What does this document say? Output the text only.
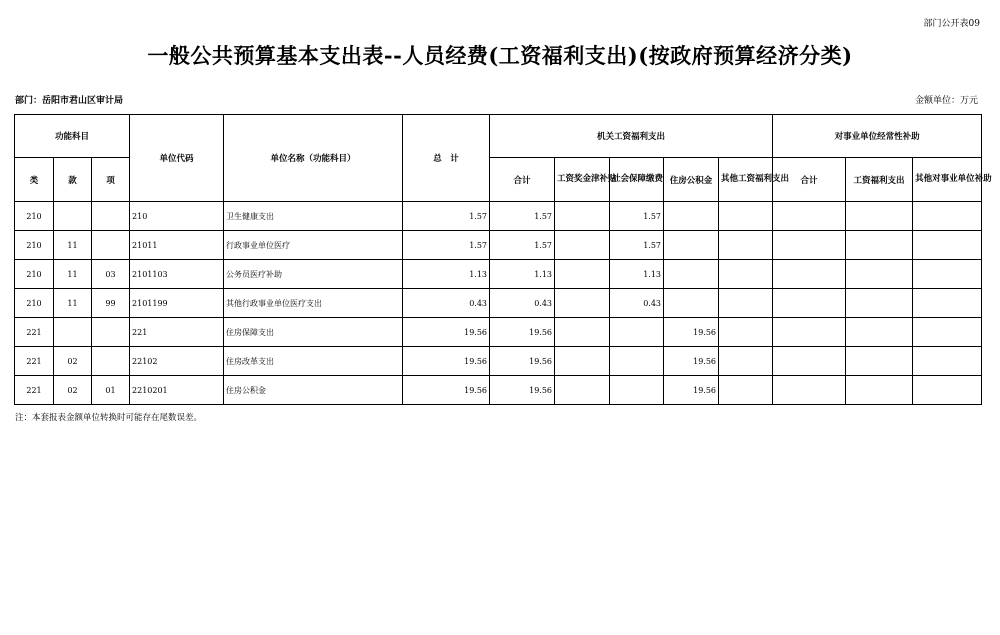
部门公开表09
一般公共预算基本支出表--人员经费(工资福利支出)(按政府预算经济分类)
部门：岳阳市君山区审计局	金额单位：万元
功能科目			单位代码	单位名称（功能科目）	总　计	机关工资福利支出					对事业单位经常性补助		
类	款	项				合计	工资奖金津补贴	社会保障缴费	住房公积金	其他工资福利支出	合计	工资福利支出	其他对事业单位补助
210			210	卫生健康支出	1.57	1.57		1.57					
210	11		21011	行政事业单位医疗	1.57	1.57		1.57					
210	11	03	2101103	公务员医疗补助	1.13	1.13		1.13					
210	11	99	2101199	其他行政事业单位医疗支出	0.43	0.43		0.43					
221			221	住房保障支出	19.56	19.56			19.56				
221	02		22102	住房改革支出	19.56	19.56			19.56				
221	02	01	2210201	住房公积金	19.56	19.56			19.56				
注：本套报表金额单位转换时可能存在尾数误差。
